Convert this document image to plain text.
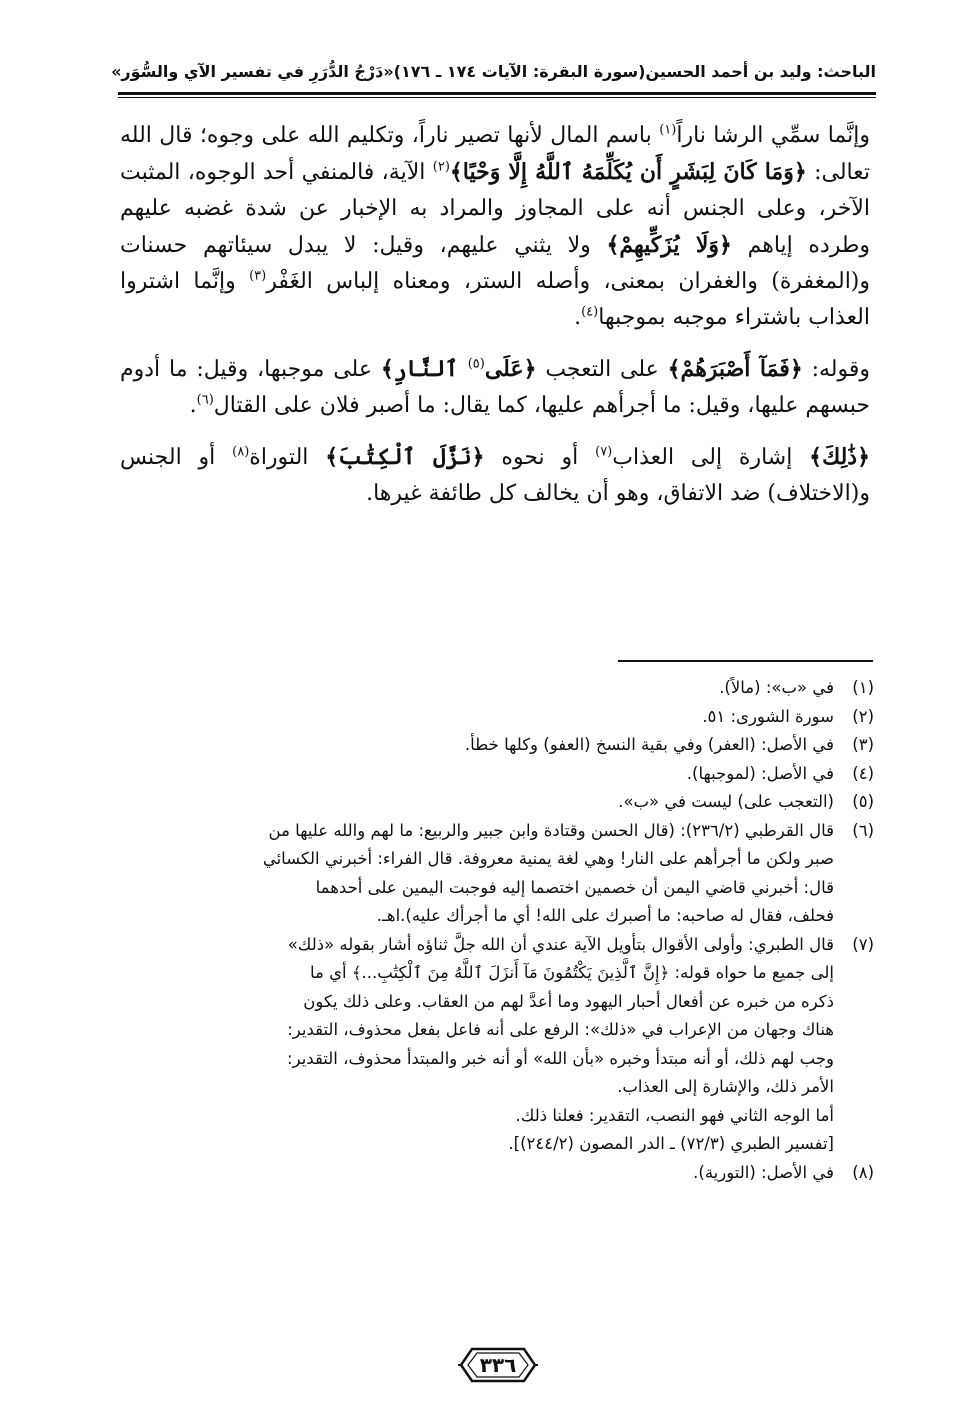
الباحث: وليد بن أحمد الحسين
(سورة البقرة: الآيات ١٧٤ ـ ١٧٦)
«دَرْجُ الدُّرَرِ في تفسير الآي والسُّوَر»

وإنَّما سمِّي الرشا ناراً$^{(١)}$ باسم المال لأنها تصير ناراً، وتكليم الله على وجوه؛ قال الله تعالى: ﴿وَمَا كَانَ لِبَشَرٍ أَن يُكَلِّمَهُ ٱللَّهُ إِلَّا وَحْيًا﴾$^{(٢)}$ الآية، فالمنفي أحد الوجوه، المثبت الآخر، وعلى الجنس أنه على المجاوز والمراد به الإخبار عن شدة غضبه عليهم وطرده إياهم ﴿وَلَا يُزَكِّيهِمْ﴾ ولا يثني عليهم، وقيل: لا يبدل سيئاتهم حسنات و(المغفرة) والغفران بمعنى، وأصله الستر، ومعناه إلباس الغَفْر$^{(٣)}$ وإنَّما اشتروا العذاب باشتراء موجبه بموجبها$^{(٤)}$.

وقوله: ﴿فَمَآ أَصْبَرَهُمْ﴾ على التعجب ﴿عَلَى$^{(٥)}$ ٱلنَّارِ﴾ على موجبها، وقيل: ما أدوم حبسهم عليها، وقيل: ما أجرأهم عليها، كما يقال: ما أصبر فلان على القتال$^{(٦)}$.

﴿ذَٰلِكَ﴾ إشارة إلى العذاب$^{(٧)}$ أو نحوه ﴿نَزَّلَ ٱلْكِتَٰبَ﴾ التوراة$^{(٨)}$ أو الجنس و(الاختلاف) ضد الاتفاق، وهو أن يخالف كل طائفة غيرها.

(١)
في «ب»: (مالاً).
(٢)
سورة الشورى: ٥١.
(٣)
في الأصل: (العفر) وفي بقية النسخ (العفو) وكلها خطأ.
(٤)
في الأصل: (لموجبها).
(٥)
(التعجب على) ليست في «ب».
(٦)
قال القرطبي (٢٣٦/٢): (قال الحسن وقتادة وابن جبير والربيع: ما لهم والله عليها من
صبر ولكن ما أجرأهم على النار! وهي لغة يمنية معروفة. قال الفراء: أخبرني الكسائي
قال: أخبرني قاضي اليمن أن خصمين اختصما إليه فوجبت اليمين على أحدهما
فحلف، فقال له صاحبه: ما أصبرك على الله! أي ما أجرأك عليه).اهـ.
(٧)
قال الطبري: وأولى الأقوال بتأويل الآية عندي أن الله جلَّ ثناؤه أشار بقوله «ذلك»
إلى جميع ما حواه قوله: ﴿إِنَّ ٱلَّذِينَ يَكْتُمُونَ مَآ أَنزَلَ ٱللَّهُ مِنَ ٱلْكِتَٰبِ...﴾ أي ما
ذكره من خبره عن أفعال أحبار اليهود وما أعدَّ لهم من العقاب. وعلى ذلك يكون
هناك وجهان من الإعراب في «ذلك»: الرفع على أنه فاعل بفعل محذوف، التقدير:
وجب لهم ذلك، أو أنه مبتدأ وخبره «بأن الله» أو أنه خبر والمبتدأ محذوف، التقدير:
الأمر ذلك، والإشارة إلى العذاب.
أما الوجه الثاني فهو النصب، التقدير: فعلنا ذلك.
[تفسير الطبري (٧٢/٣) ـ الدر المصون (٢٤٤/٢)].
(٨)
في الأصل: (التورية).
٣٣٦
